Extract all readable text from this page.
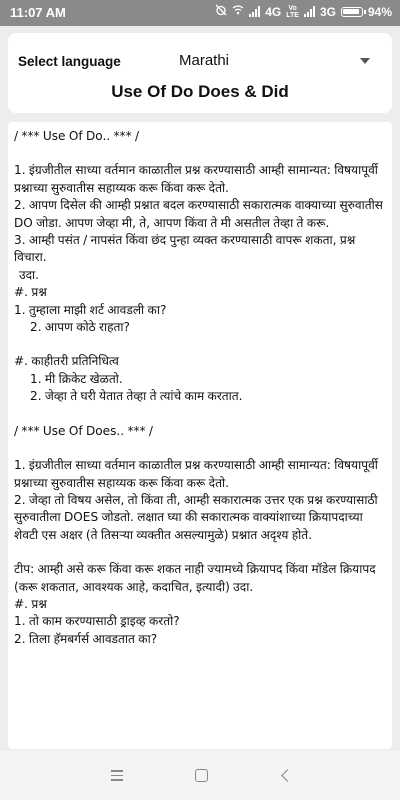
11:07 AM	4G	Vo
LTE 3G	94%
Select language	Marathi
Use Of Do Does & Did

/ *** Use Of Do.. *** /

1. इंग्रजीतील साध्या वर्तमान काळातील प्रश्न करण्यासाठी आम्ही सामान्यत: विषयापूर्वी प्रश्नाच्या सुरुवातीस सहाय्यक करू किंवा करू देतो.

2. आपण दिसेल की आम्ही प्रश्नात बदल करण्यासाठी सकारात्मक वाक्याच्या सुरुवातीस DO जोडा. आपण जेव्हा मी, ते, आपण किंवा ते मी असतील तेव्हा ते करू.

3. आम्ही पसंत / नापसंत किंवा छंद पुन्हा व्यक्त करण्यासाठी वापरू शकता, प्रश्न विचारा.

उदा.

#. प्रश्न

1. तुम्हाला माझी शर्ट आवडली का?

2. आपण कोठे राहता?

#. काहीतरी प्रतिनिधित्व

1. मी क्रिकेट खेळतो.

2. जेव्हा ते घरी येतात तेव्हा ते त्यांचे काम करतात.

/ *** Use Of Does.. *** /

1. इंग्रजीतील साध्या वर्तमान काळातील प्रश्न करण्यासाठी आम्ही सामान्यत: विषयापूर्वी प्रश्नाच्या सुरुवातीस सहाय्यक करू किंवा करू देतो.

2. जेव्हा तो विषय असेल, तो किंवा ती, आम्ही सकारात्मक उत्तर एक प्रश्न करण्यासाठी सुरुवातीला DOES जोडतो. लक्षात घ्या की सकारात्मक वाक्यांशाच्या क्रियापदाच्या शेवटी एस अक्षर (ते तिसऱ्या व्यक्तीत असल्यामुळे) प्रश्नात अदृश्य होते.

टीप: आम्ही असे करू किंवा करू शकत नाही ज्यामध्ये क्रियापद किंवा मॉडेल क्रियापद (करू शकतात, आवश्यक आहे, कदाचित, इत्यादी) उदा.

#. प्रश्न

1. तो काम करण्यासाठी ड्राइव्ह करतो?

2. तिला हॅमबर्गर्स आवडतात का?
